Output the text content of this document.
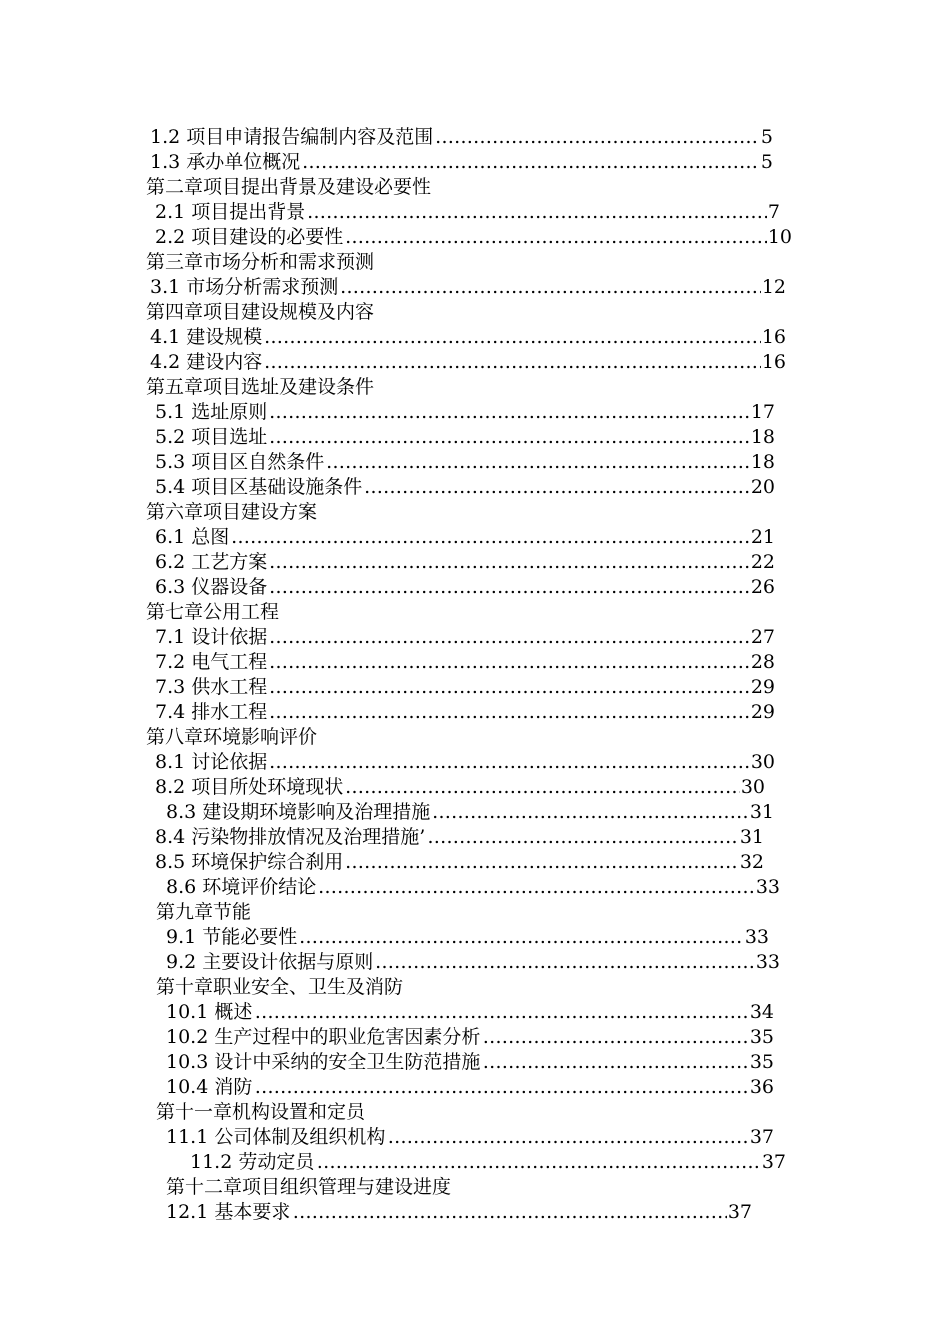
1.2 项目申请报告编制内容及范围 ………………………………………………………………………………………………………………………………………………………………………………………………………………………	5
1.3 承办单位概况 ………………………………………………………………………………………………………………………………………………………………………………………………………………………	5
第二章项目提出背景及建设必要性
2.1 项目提出背景 ………………………………………………………………………………………………………………………………………………………………………………………………………………………	7
2.2 项目建设的必要性 ………………………………………………………………………………………………………………………………………………………………………………………………………………………	10
第三章市场分析和需求预测
3.1 市场分析需求预测 ………………………………………………………………………………………………………………………………………………………………………………………………………………………	12
第四章项目建设规模及内容
4.1 建设规模 ………………………………………………………………………………………………………………………………………………………………………………………………………………………	16
4.2 建设内容 ………………………………………………………………………………………………………………………………………………………………………………………………………………………	16
第五章项目选址及建设条件
5.1 选址原则 ………………………………………………………………………………………………………………………………………………………………………………………………………………………	17
5.2 项目选址 ………………………………………………………………………………………………………………………………………………………………………………………………………………………	18
5.3 项目区自然条件 ………………………………………………………………………………………………………………………………………………………………………………………………………………………	18
5.4 项目区基础设施条件 ………………………………………………………………………………………………………………………………………………………………………………………………………………………	20
第六章项目建设方案
6.1 总图 ………………………………………………………………………………………………………………………………………………………………………………………………………………………	21
6.2 工艺方案 ………………………………………………………………………………………………………………………………………………………………………………………………………………………	22
6.3 仪器设备 ………………………………………………………………………………………………………………………………………………………………………………………………………………………	26
第七章公用工程
7.1 设计依据 ………………………………………………………………………………………………………………………………………………………………………………………………………………………	27
7.2 电气工程 ………………………………………………………………………………………………………………………………………………………………………………………………………………………	28
7.3 供水工程 ………………………………………………………………………………………………………………………………………………………………………………………………………………………	29
7.4 排水工程 ………………………………………………………………………………………………………………………………………………………………………………………………………………………	29
第八章环境影响评价
8.1 讨论依据 ………………………………………………………………………………………………………………………………………………………………………………………………………………………	30
8.2 项目所处环境现状 ………………………………………………………………………………………………………………………………………………………………………………………………………………………	30
8.3 建设期环境影响及治理措施 ………………………………………………………………………………………………………………………………………………………………………………………………………………………	31
8.4 污染物排放情况及治理措施’ ………………………………………………………………………………………………………………………………………………………………………………………………………………………	31
8.5 环境保护综合刹用 ………………………………………………………………………………………………………………………………………………………………………………………………………………………	32
8.6 环境评价结论 ………………………………………………………………………………………………………………………………………………………………………………………………………………………	33
第九章节能
9.1 节能必要性 ………………………………………………………………………………………………………………………………………………………………………………………………………………………	33
9.2 主要设计依据与原则 ………………………………………………………………………………………………………………………………………………………………………………………………………………………	33
第十章职业安全、卫生及消防
10.1 概述 ………………………………………………………………………………………………………………………………………………………………………………………………………………………	34
10.2 生产过程中的职业危害因素分析 ………………………………………………………………………………………………………………………………………………………………………………………………………………………	35
10.3 设计中采纳的安全卫生防范措施 ………………………………………………………………………………………………………………………………………………………………………………………………………………………	35
10.4 消防 ………………………………………………………………………………………………………………………………………………………………………………………………………………………	36
第十一章机构设置和定员
11.1 公司体制及组织机构 ………………………………………………………………………………………………………………………………………………………………………………………………………………………	37
11.2 劳动定员 ………………………………………………………………………………………………………………………………………………………………………………………………………………………	37
第十二章项目组织管理与建设进度
12.1 基本要求 ………………………………………………………………………………………………………………………………………………………………………………………………………………………	37
